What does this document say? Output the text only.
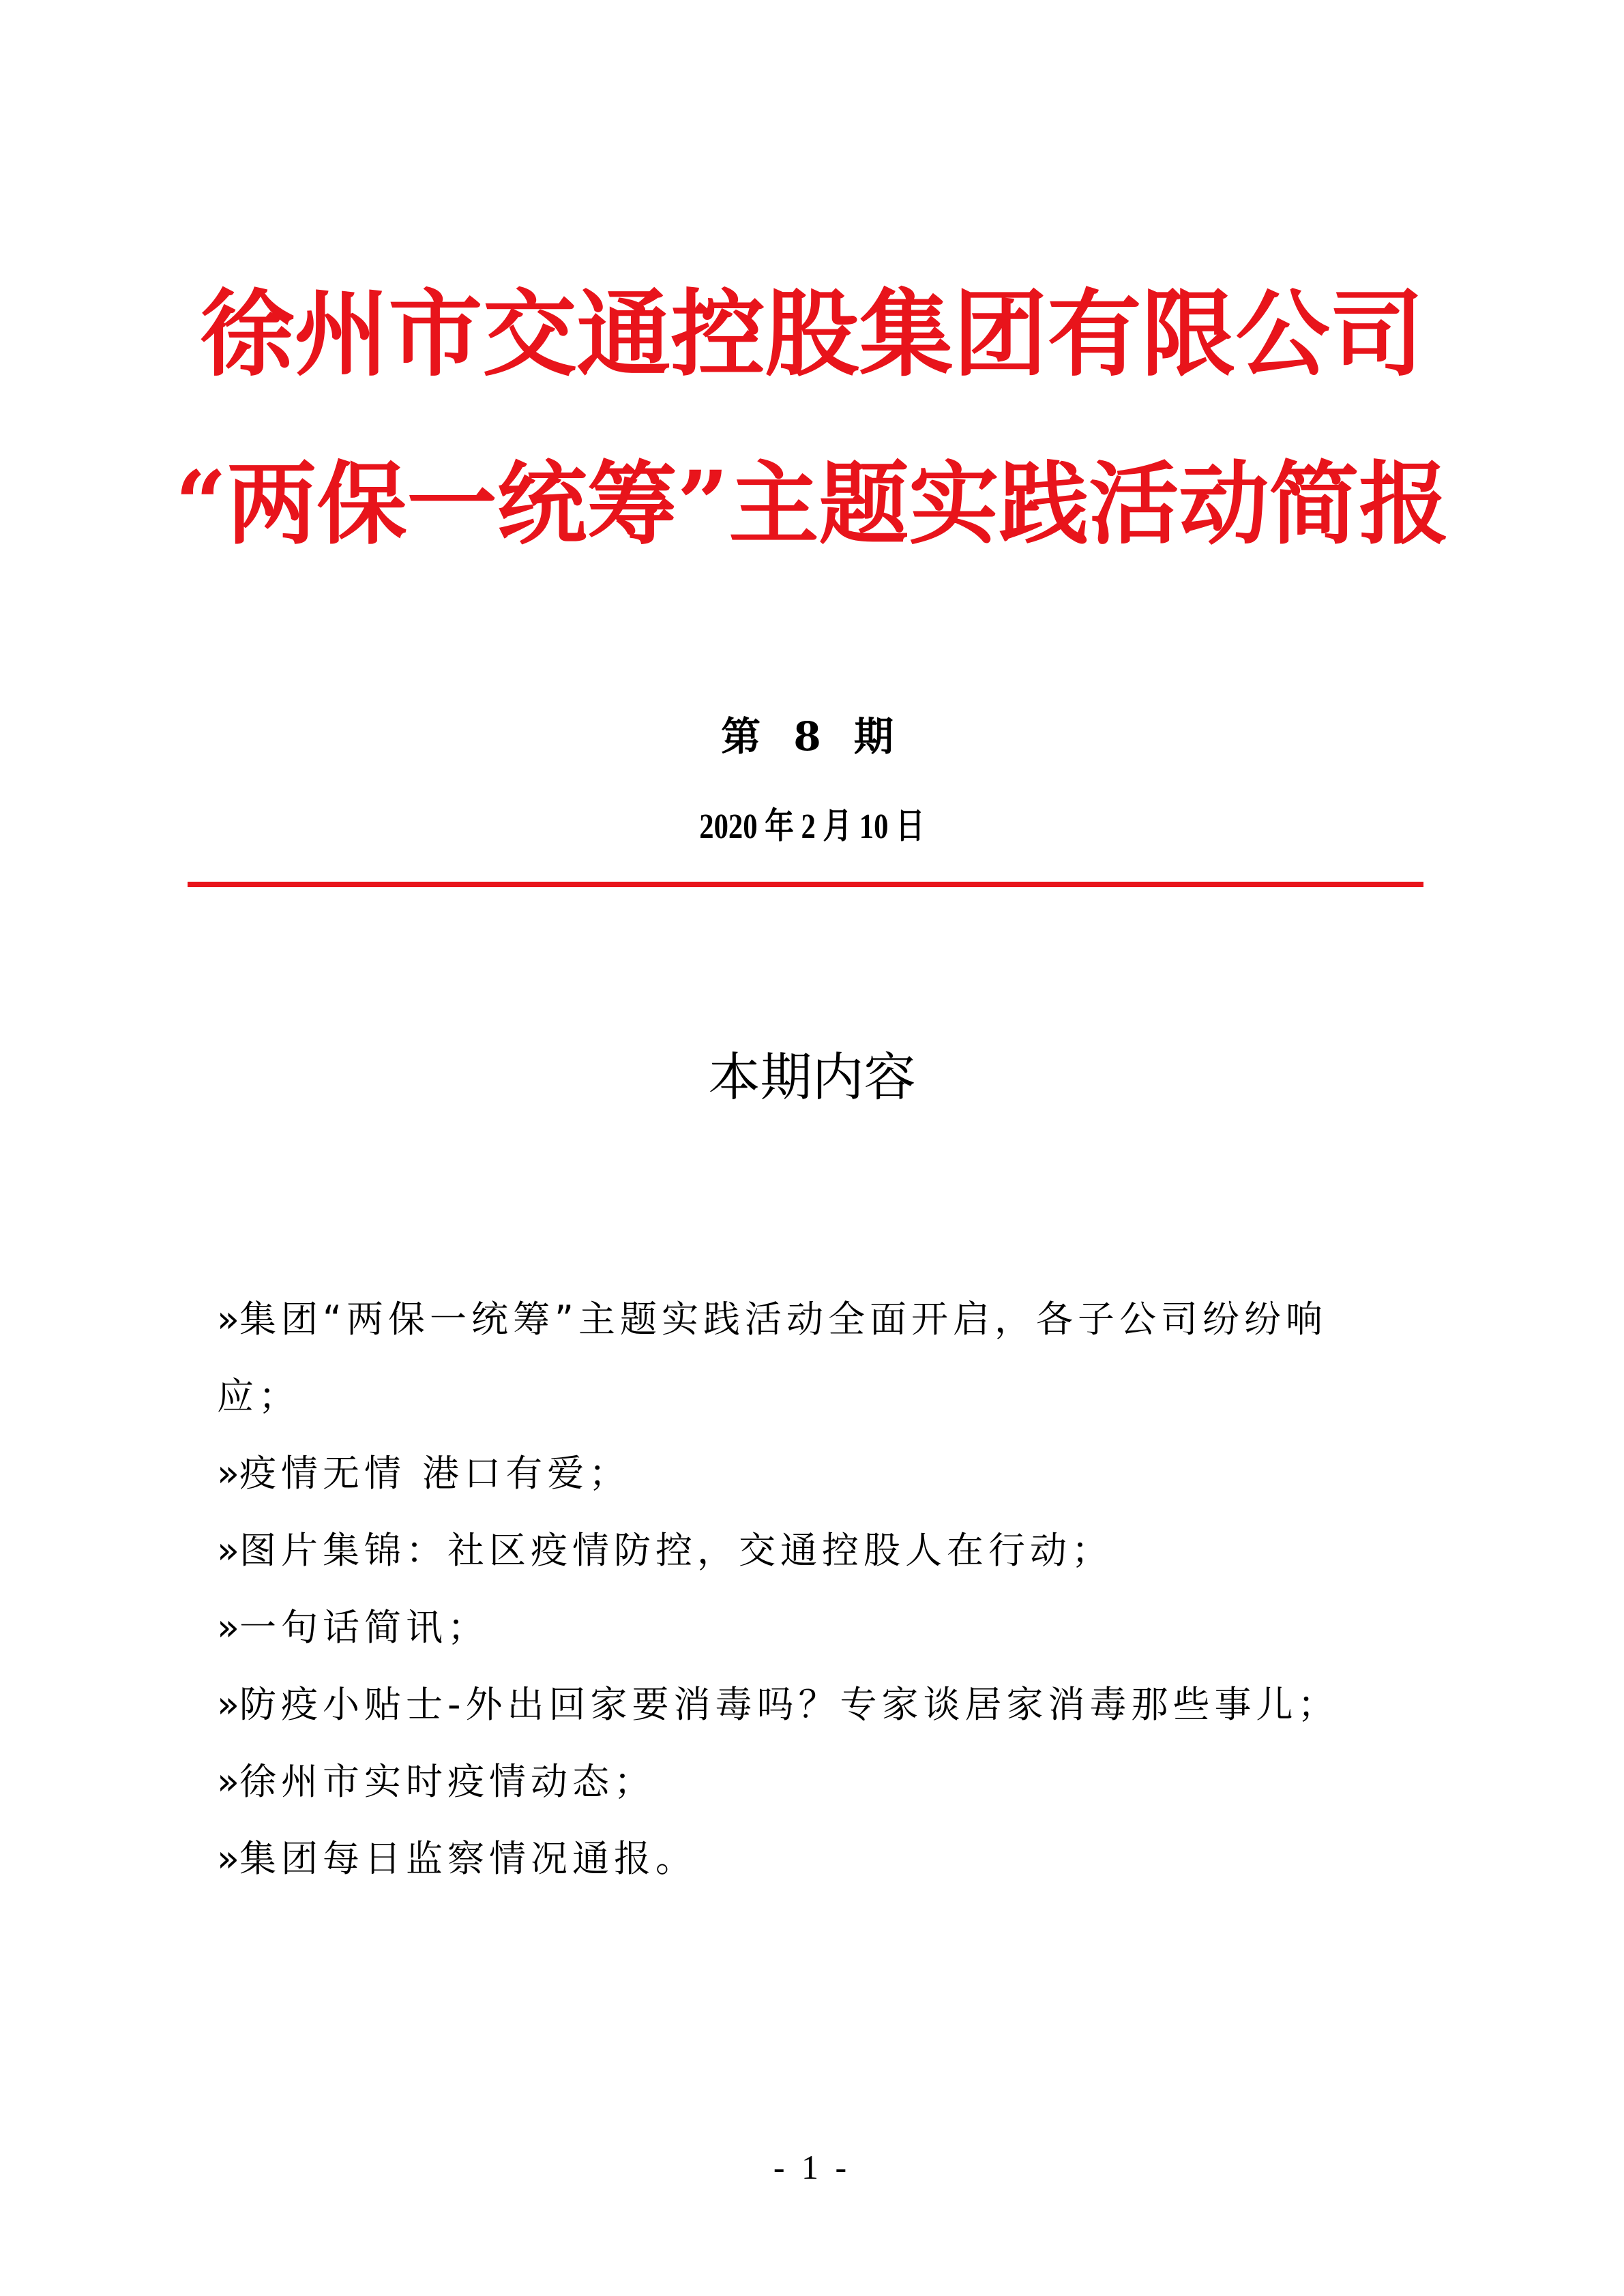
徐州市交通控股集团有限公司
“两保一统筹”主题实践活动简报
第 8 期
2020 年 2 月 10 日
本期内容
»集团“两保一统筹”主题实践活动全面开启，各子公司纷纷响
应；
»疫情无情 港口有爱；
»图片集锦：社区疫情防控，交通控股人在行动；
»一句话简讯；
»防疫小贴士-外出回家要消毒吗？专家谈居家消毒那些事儿；
»徐州市实时疫情动态；
»集团每日监察情况通报。
- 1 -
